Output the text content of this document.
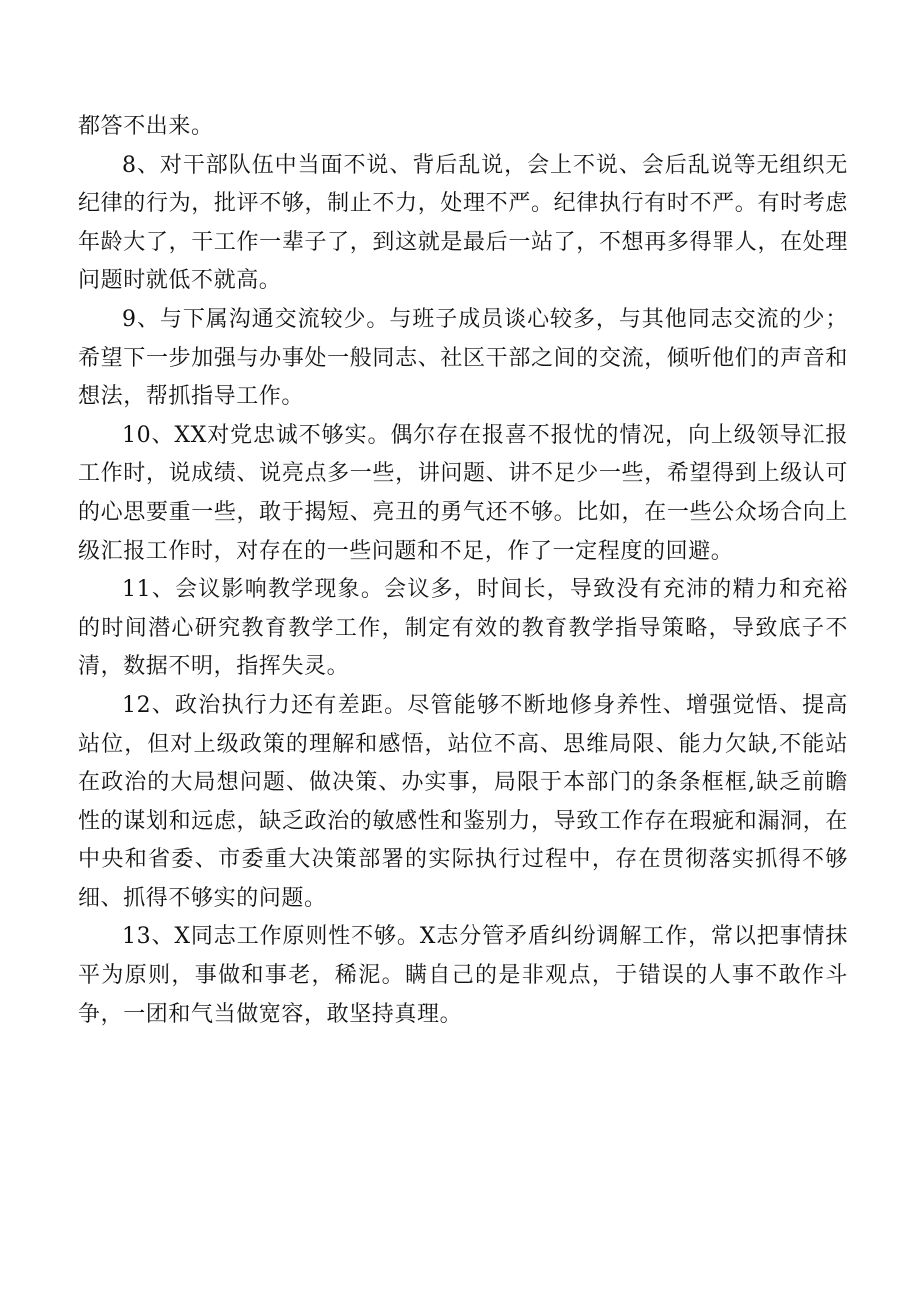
都答不出来。

8、对干部队伍中当面不说、背后乱说，会上不说、会后乱说等无组织无纪律的行为，批评不够，制止不力，处理不严。纪律执行有时不严。有时考虑年龄大了，干工作一辈子了，到这就是最后一站了，不想再多得罪人，在处理问题时就低不就高。

9、与下属沟通交流较少。与班子成员谈心较多，与其他同志交流的少；希望下一步加强与办事处一般同志、社区干部之间的交流，倾听他们的声音和想法，帮抓指导工作。

10、XX对党忠诚不够实。偶尔存在报喜不报忧的情况，向上级领导汇报工作时，说成绩、说亮点多一些，讲问题、讲不足少一些，希望得到上级认可的心思要重一些，敢于揭短、亮丑的勇气还不够。比如，在一些公众场合向上级汇报工作时，对存在的一些问题和不足，作了一定程度的回避。

11、会议影响教学现象。会议多，时间长，导致没有充沛的精力和充裕的时间潜心研究教育教学工作，制定有效的教育教学指导策略，导致底子不清，数据不明，指挥失灵。

12、政治执行力还有差距。尽管能够不断地修身养性、增强觉悟、提高站位，但对上级政策的理解和感悟，站位不高、思维局限、能力欠缺,不能站在政治的大局想问题、做决策、办实事，局限于本部门的条条框框,缺乏前瞻性的谋划和远虑，缺乏政治的敏感性和鉴别力，导致工作存在瑕疵和漏洞，在中央和省委、市委重大决策部署的实际执行过程中，存在贯彻落实抓得不够细、抓得不够实的问题。

13、X同志工作原则性不够。X志分管矛盾纠纷调解工作，常以把事情抹平为原则，事做和事老，稀泥。瞒自己的是非观点，于错误的人事不敢作斗争，一团和气当做宽容，敢坚持真理。
